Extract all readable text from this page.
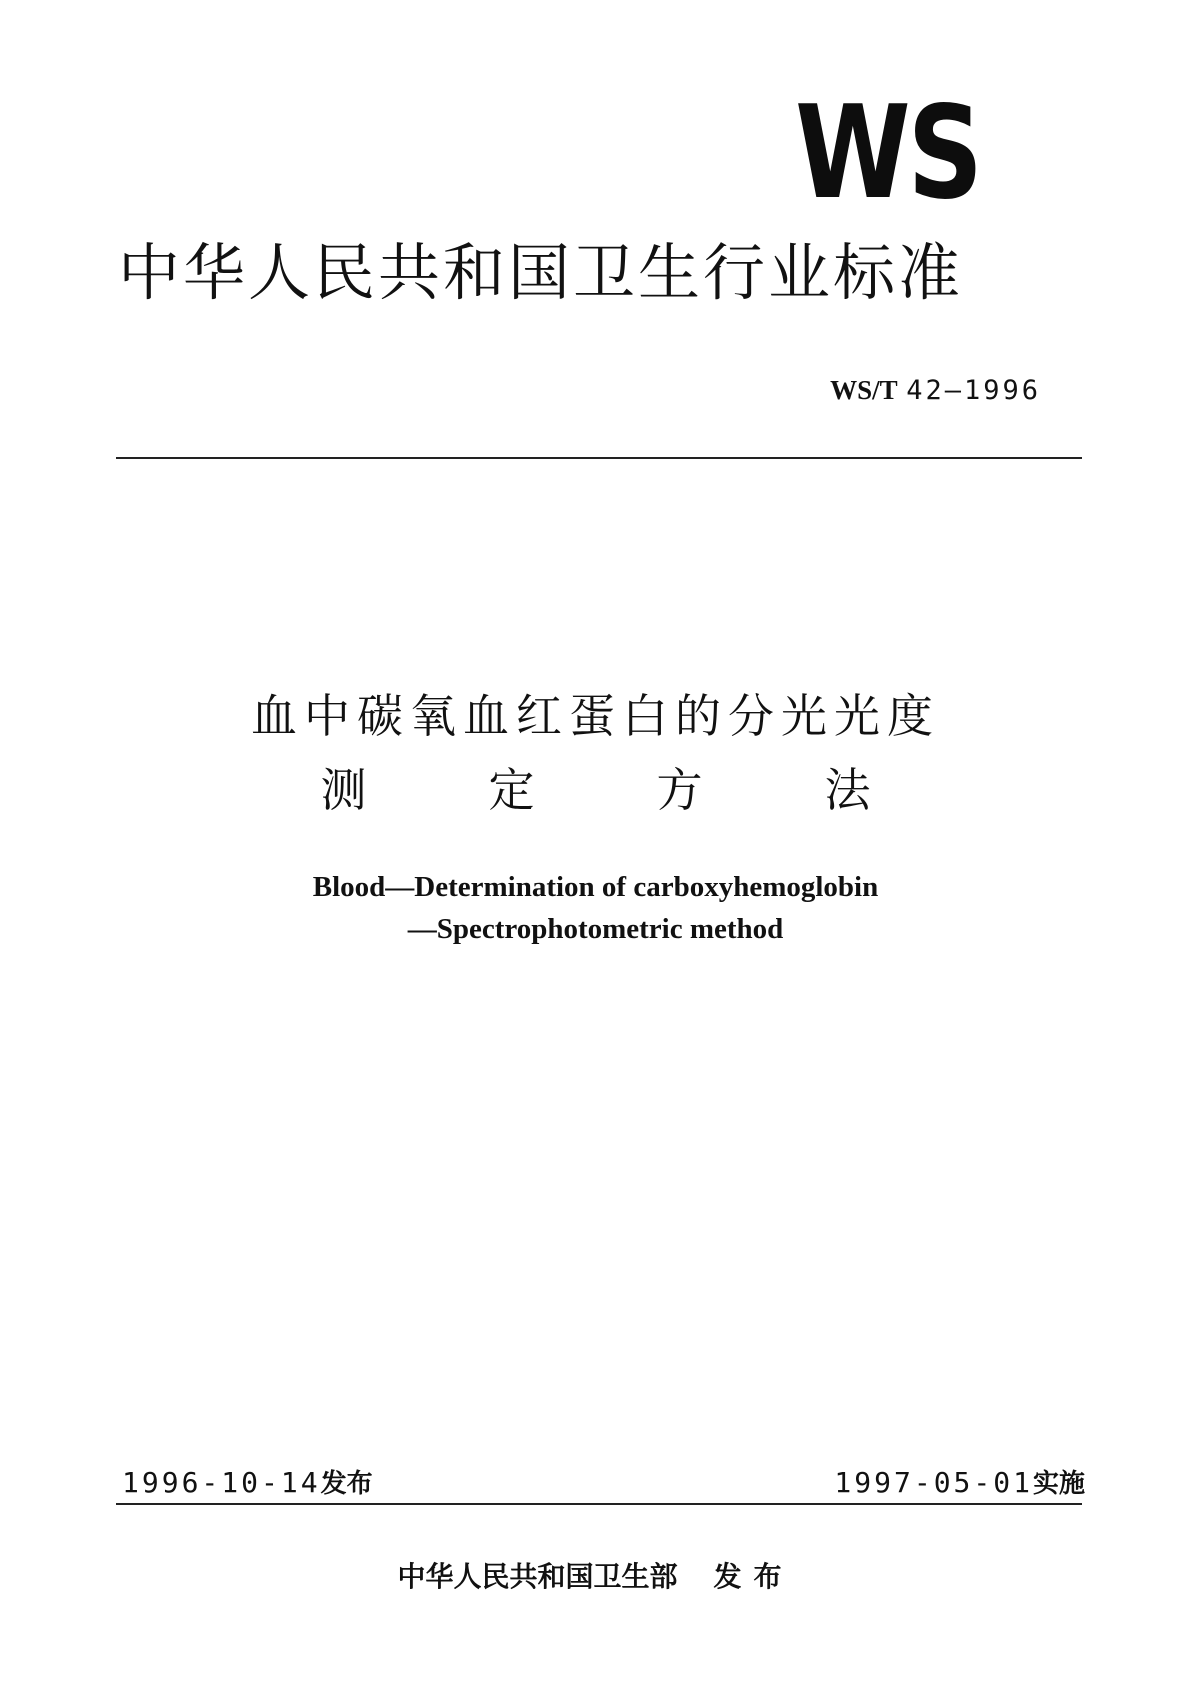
WS
中华人民共和国卫生行业标准
WS/T 42—1996
血中碳氧血红蛋白的分光光度
测定方法
Blood—Determination of carboxyhemoglobin
—Spectrophotometric method
1996-10-14发布	1997-05-01实施
中华人民共和国卫生部 发布
